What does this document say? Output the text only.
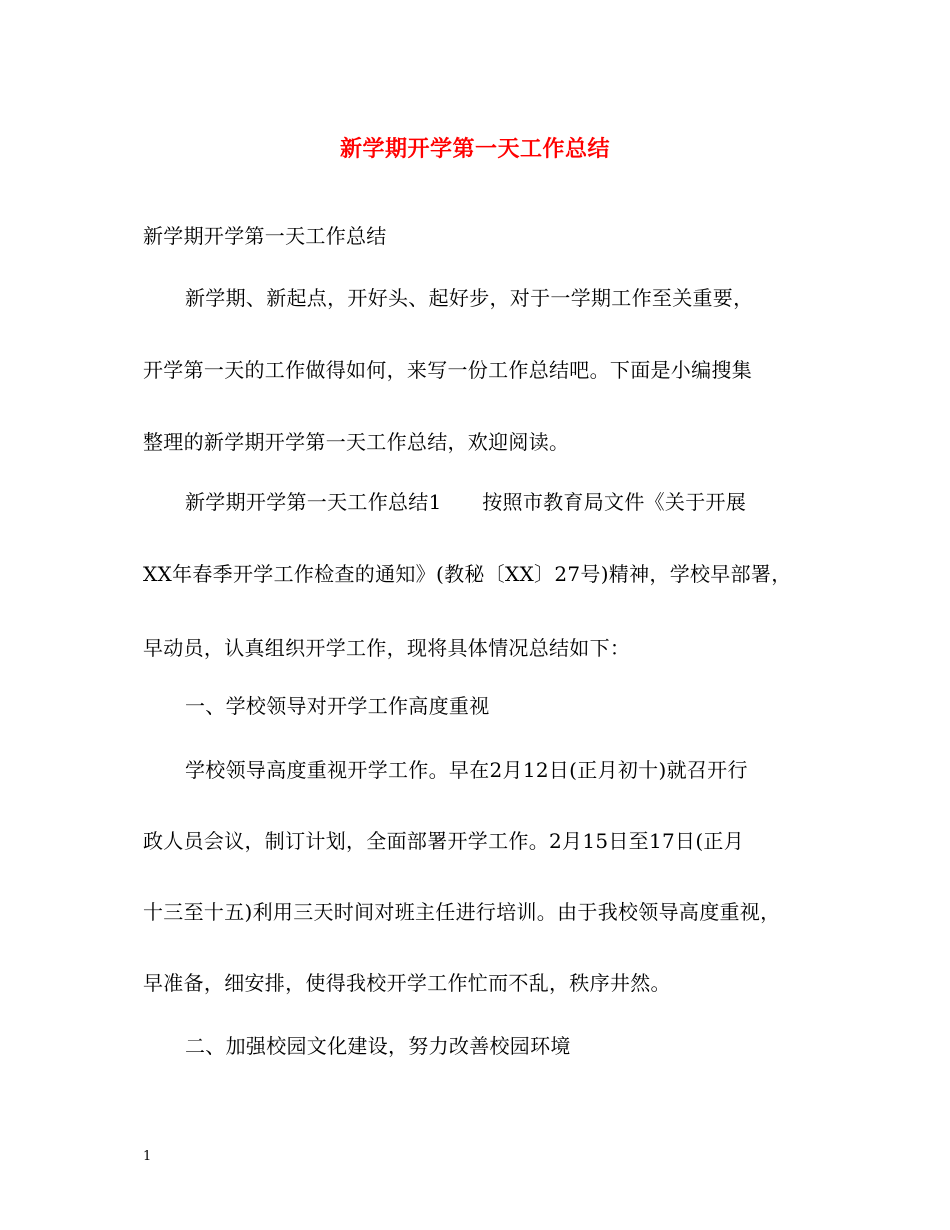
新学期开学第一天工作总结
新学期开学第一天工作总结
新学期、新起点，开好头、起好步，对于一学期工作至关重要，
开学第一天的工作做得如何，来写一份工作总结吧。下面是小编搜集
整理的新学期开学第一天工作总结，欢迎阅读。
新学期开学第一天工作总结1　　按照市教育局文件《关于开展
XX年春季开学工作检查的通知》(教秘〔XX〕27号)精神，学校早部署，
早动员，认真组织开学工作，现将具体情况总结如下：
一、学校领导对开学工作高度重视
学校领导高度重视开学工作。早在2月12日(正月初十)就召开行
政人员会议，制订计划，全面部署开学工作。2月15日至17日(正月
十三至十五)利用三天时间对班主任进行培训。由于我校领导高度重视，
早准备，细安排，使得我校开学工作忙而不乱，秩序井然。
二、加强校园文化建设，努力改善校园环境
1
